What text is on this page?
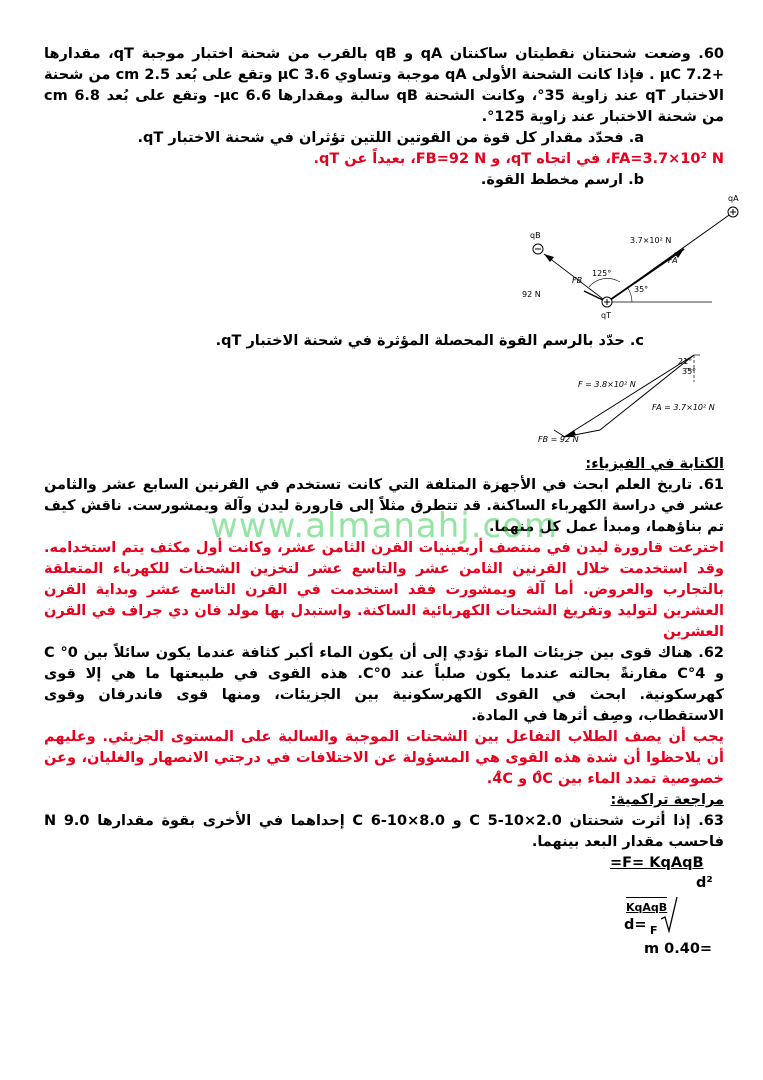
60. وضعت شحنتان نقطيتان ساكنتان qA و qB بالقرب من شحنة اختبار موجبة qT، مقدارها +7.2 μC . فإذا كانت الشحنة الأولى qA موجبة وتساوي 3.6 μC وتقع على بُعد 2.5 cm من شحنة الاختبار qT عند زاوية 35°، وكانت الشحنة qB سالبة ومقدارها 6.6 μc- وتقع على بُعد 6.8 cm من شحنة الاختبار عند زاوية 125°.

a. فحدّد مقدار كل قوة من القوتين اللتين تؤثران في شحنة الاختبار qT.

FA=3.7×10² N، في اتجاه qT، و FB=92 N، بعيداً عن qT.

b. ارسم مخطط القوة.

qA
qB
qT
3.7×10² N
FA
FB
92 N
125°
35°

c. حدّد بالرسم القوة المحصلة المؤثرة في شحنة الاختبار qT.

21°
35°
F = 3.8×10² N
FA = 3.7×10² N
FB = 92 N
الكتابة في الفيزياء:

61. تاريخ العلم ابحث في الأجهزة المتلفة التي كانت تستخدم في القرنين السابع عشر والثامن عشر في دراسة الكهرباء الساكنة. قد تتطرق مثلاً إلى قارورة ليدن وآلة ويمشورست. ناقش كيف تم بناؤهما، ومبدأ عمل كل منهما.

اخترعت قارورة ليدن في منتصف أربعينيات القرن الثامن عشر، وكانت أول مكثف يتم استخدامه. وقد استخدمت خلال القرنين الثامن عشر والتاسع عشر لتخزين الشحنات للكهرباء المتعلقة بالتجارب والعروض. أما آلة ويمشورت فقد استخدمت في القرن التاسع عشر وبداية القرن العشرين لتوليد وتفريغ الشحنات الكهربائية الساكنة. واستبدل بها مولد فان دي جراف في القرن العشرين

62. هناك قوى بين جزيئات الماء تؤدي إلى أن يكون الماء أكبر كثافة عندما يكون سائلاً بين 0° C و 4°C مقارنةً بحالته عندما يكون صلباً عند 0°C. هذه القوى في طبيعتها ما هي إلا قوى كهرسكونية. ابحث في القوى الكهرسكونية بين الجزيئات، ومنها قوى فاندرفان وقوى الاستقطاب، وصِف أثرها في المادة.

يجب أن يصف الطلاب التفاعل بين الشحنات الموجبة والسالبة على المستوى الجزيئي. وعليهم أن يلاحظوا أن شدة هذه القوى هي المسؤولة عن الاختلافات في درجتي الانصهار والغليان، وعن خصوصية تمدد الماء بين 0̊C و 4̊C.

مراجعة تراكمية:

63. إذا أثرت شحنتان 2.0×10-5 C و 8.0×10-6 C إحداهما في الأخرى بقوة مقدارها 9.0 N فاحسب مقدار البعد بينهما.

=F= KqAqB
d²
KqAqB
d= F
m 0.40=
www.almanahj.com
